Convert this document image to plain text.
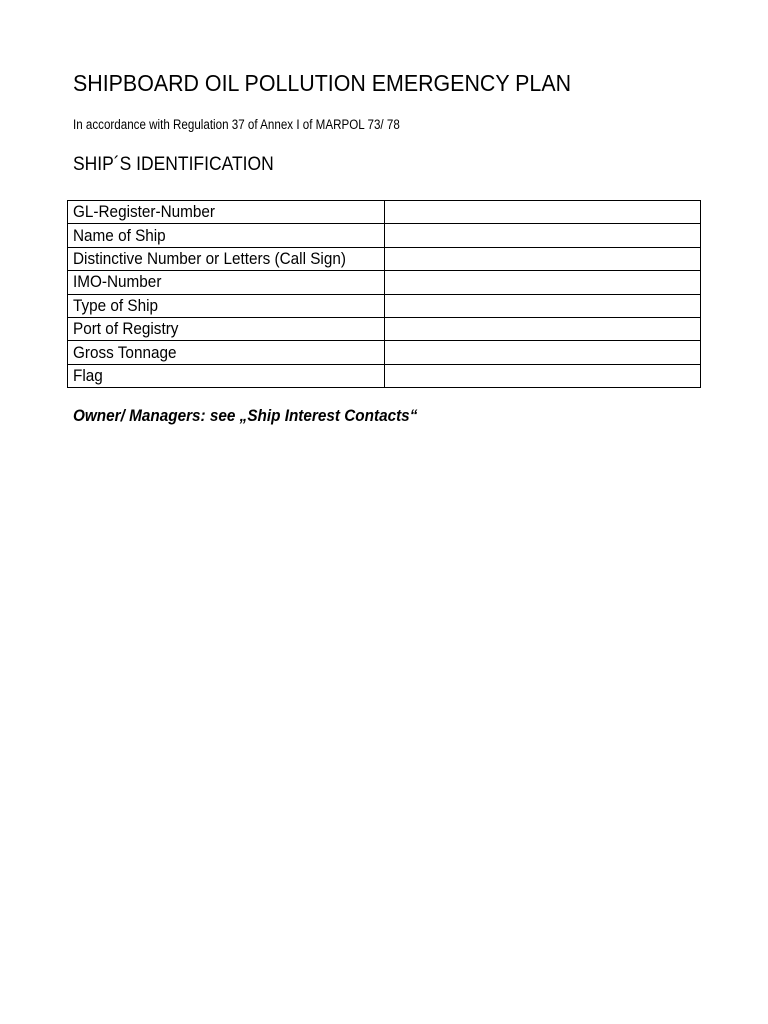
SHIPBOARD OIL POLLUTION EMERGENCY PLAN

In accordance with Regulation 37 of Annex I of MARPOL 73/ 78

SHIP´S IDENTIFICATION
GL-Register-Number	
Name of Ship	
Distinctive Number or Letters (Call Sign)	
IMO-Number	
Type of Ship	
Port of Registry	
Gross Tonnage	
Flag	

Owner/ Managers: see „Ship Interest Contacts“
